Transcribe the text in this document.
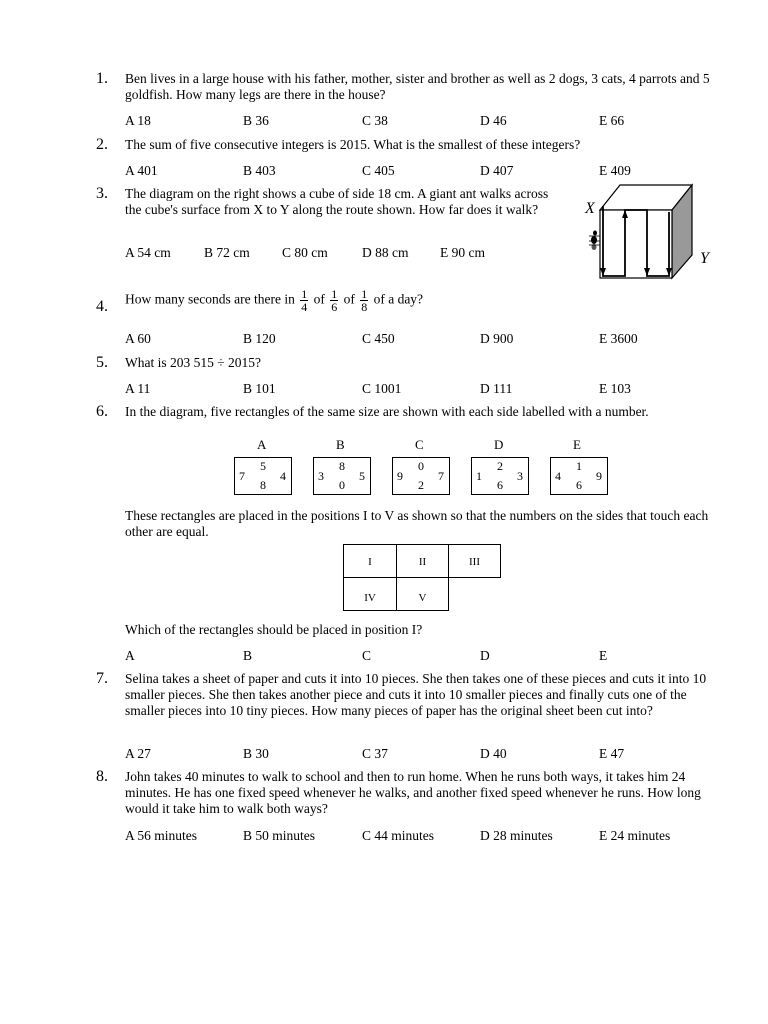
1. Ben lives in a large house with his father, mother, sister and brother as well as 2 dogs, 3 cats, 4 parrots and 5 goldfish. How many legs are there in the house?
A 18	B 36	C 38	D 46	E 66
2. The sum of five consecutive integers is 2015. What is the smallest of these integers?
A 401	B 403	C 405	D 407	E 409
3. The diagram on the right shows a cube of side 18 cm. A giant ant walks across the cube's surface from X to Y along the route shown. How far does it walk?
A 54 cm B 72 cm C 80 cm	D 88 cm E 90 cm
X
Y
4. How many seconds are there in $\frac{1}{4}$ of $\frac{1}{6}$ of $\frac{1}{8}$ of a day?
A 60	B 120	C 450	D 900	E 3600
5. What is 203 515 ÷ 2015?
A 11	B 101	C 1001	D 111	E 103
6. In the diagram, five rectangles of the same size are shown with each side labelled with a number.
A	B	C	D	E
5
8
7	4
8
0
3	5
0
2
9	7
2
6
1	3
1
6
4	9
These rectangles are placed in the positions I to V as shown so that the numbers on the sides that touch each other are equal.
I	II	III
IV	V
Which of the rectangles should be placed in position I?
A	B	C	D	E
7. Selina takes a sheet of paper and cuts it into 10 pieces. She then takes one of these pieces and cuts it into 10 smaller pieces. She then takes another piece and cuts it into 10 smaller pieces and finally cuts one of the smaller pieces into 10 tiny pieces. How many pieces of paper has the original sheet been cut into?
A 27	B 30	C 37	D 40	E 47
8. John takes 40 minutes to walk to school and then to run home. When he runs both ways, it takes him 24 minutes. He has one fixed speed whenever he walks, and another fixed speed whenever he runs. How long would it take him to walk both ways?
A 56 minutes	B 50 minutes	C 44 minutes	D 28 minutes	E 24 minutes
